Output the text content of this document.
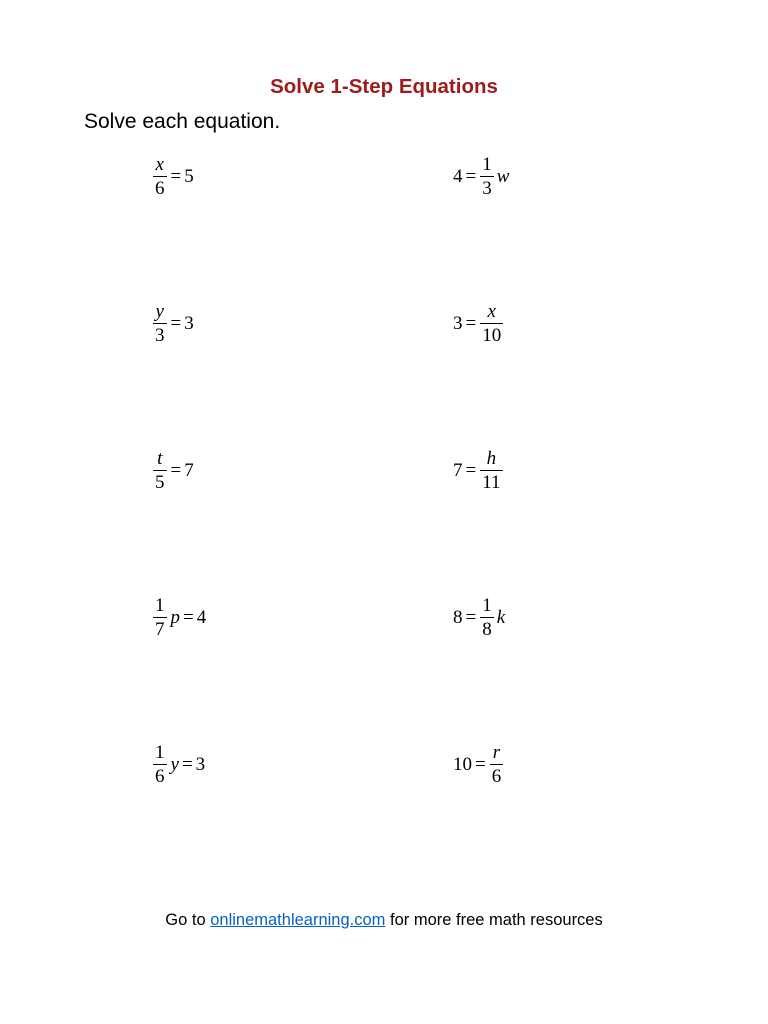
Solve 1-Step Equations
Solve each equation.
$\frac{x}{6} = 5$
$\frac{y}{3} = 3$
$\frac{t}{5} = 7$
$\frac{1}{7}$ p = 4
$\frac{1}{6}$ y = 3
$4 = \frac{1}{3}$ w
$3 = \frac{x}{10}$
$7 = \frac{h}{11}$
$8 = \frac{1}{8}$ k
$10 = \frac{r}{6}$
Go to onlinemathlearning.com for more free math resources
